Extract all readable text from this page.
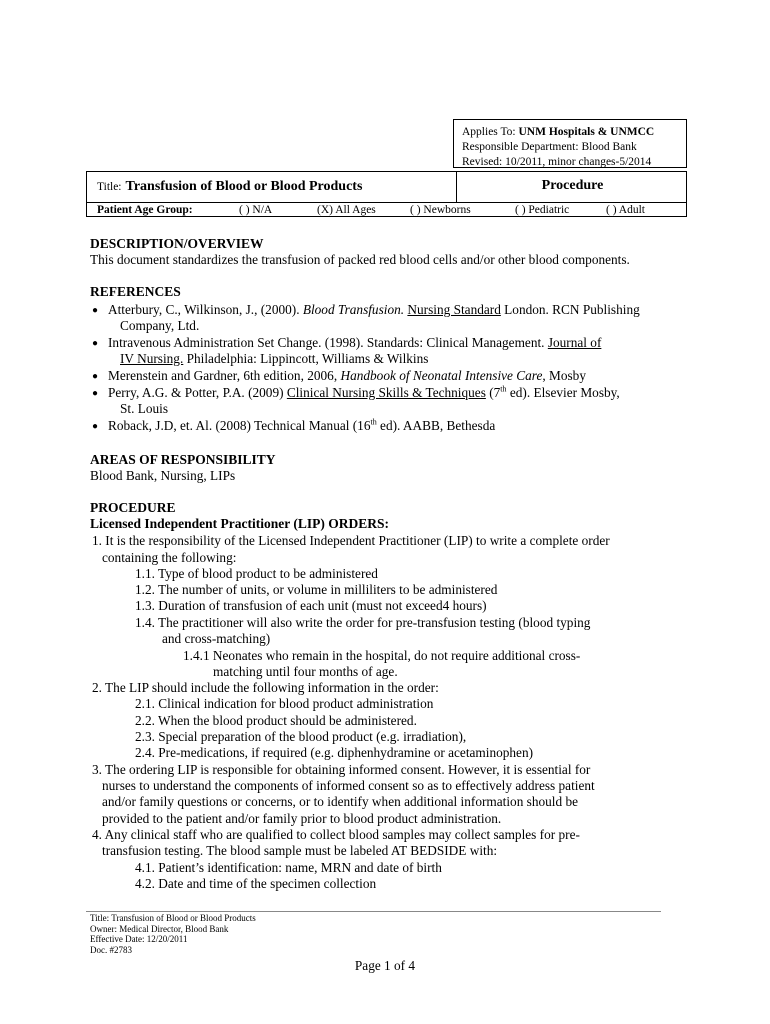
Applies To: UNM Hospitals & UNMCC
Responsible Department: Blood Bank
Revised: 10/2011, minor changes-5/2014
Title: Transfusion of Blood or Blood Products	Procedure
Patient Age Group:	( ) N/A	(X) All Ages	( ) Newborns	( ) Pediatric	( ) Adult
DESCRIPTION/OVERVIEW
This document standardizes the transfusion of packed red blood cells and/or other blood components.
REFERENCES
● Atterbury, C., Wilkinson, J., (2000). Blood Transfusion. Nursing Standard London. RCN Publishing
Company, Ltd.
● Intravenous Administration Set Change. (1998). Standards: Clinical Management. Journal of
IV Nursing. Philadelphia: Lippincott, Williams & Wilkins
● Merenstein and Gardner, 6th edition, 2006, Handbook of Neonatal Intensive Care, Mosby
● Perry, A.G. & Potter, P.A. (2009) Clinical Nursing Skills & Techniques (7th ed). Elsevier Mosby,
St. Louis
● Roback, J.D, et. Al. (2008) Technical Manual (16th ed). AABB, Bethesda
AREAS OF RESPONSIBILITY
Blood Bank, Nursing, LIPs
PROCEDURE
Licensed Independent Practitioner (LIP) ORDERS:
1. It is the responsibility of the Licensed Independent Practitioner (LIP) to write a complete order
containing the following:
1.1. Type of blood product to be administered
1.2. The number of units, or volume in milliliters to be administered
1.3. Duration of transfusion of each unit (must not exceed4 hours)
1.4. The practitioner will also write the order for pre-transfusion testing (blood typing
and cross-matching)
1.4.1 Neonates who remain in the hospital, do not require additional cross-
matching until four months of age.
2. The LIP should include the following information in the order:
2.1. Clinical indication for blood product administration
2.2. When the blood product should be administered.
2.3. Special preparation of the blood product (e.g. irradiation),
2.4. Pre-medications, if required (e.g. diphenhydramine or acetaminophen)
3. The ordering LIP is responsible for obtaining informed consent. However, it is essential for
nurses to understand the components of informed consent so as to effectively address patient
and/or family questions or concerns, or to identify when additional information should be
provided to the patient and/or family prior to blood product administration.
4. Any clinical staff who are qualified to collect blood samples may collect samples for pre-
transfusion testing. The blood sample must be labeled AT BEDSIDE with:
4.1. Patient’s identification: name, MRN and date of birth
4.2. Date and time of the specimen collection
Title: Transfusion of Blood or Blood Products
Owner: Medical Director, Blood Bank
Effective Date: 12/20/2011
Doc. #2783
Page 1 of 4
